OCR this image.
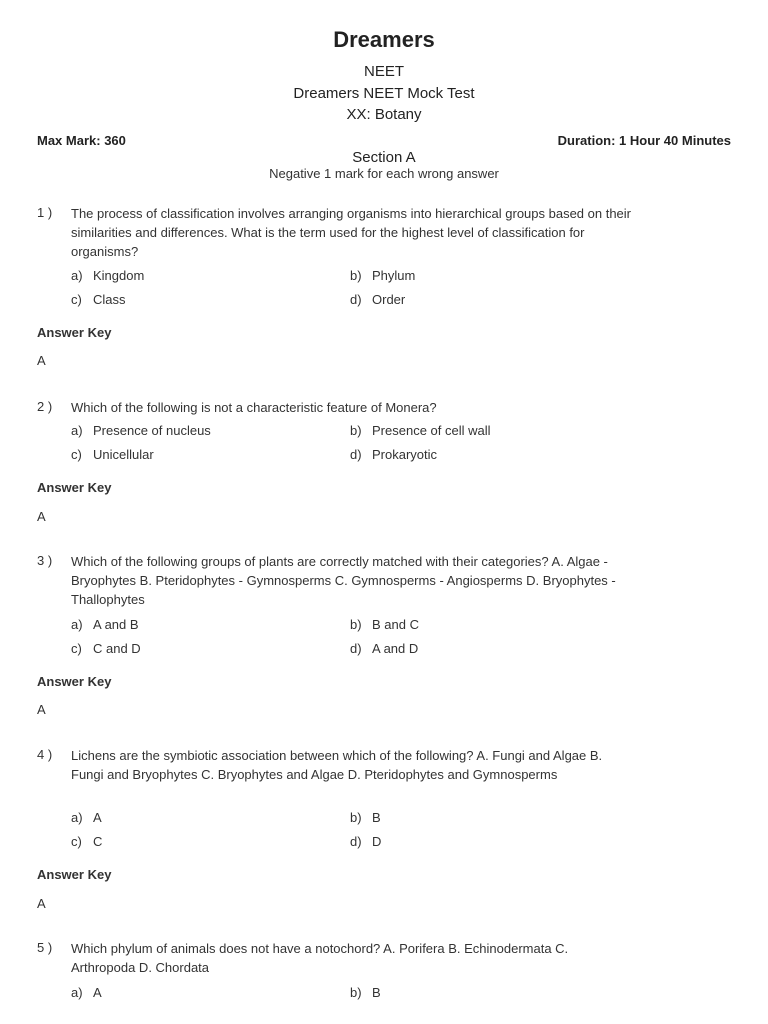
Dreamers
NEET
Dreamers NEET Mock Test
XX: Botany
Max Mark: 360	Duration: 1 Hour 40 Minutes
Section A
Negative 1 mark for each wrong answer
1 ) The process of classification involves arranging organisms into hierarchical groups based on their similarities and differences. What is the term used for the highest level of classification for organisms?
a) Kingdom	b) Phylum
c) Class	d) Order
Answer Key
A
2 ) Which of the following is not a characteristic feature of Monera?
a) Presence of nucleus	b) Presence of cell wall
c) Unicellular	d) Prokaryotic
Answer Key
A
3 ) Which of the following groups of plants are correctly matched with their categories? A. Algae - Bryophytes B. Pteridophytes - Gymnosperms C. Gymnosperms - Angiosperms D. Bryophytes - Thallophytes
a) A and B	b) B and C
c) C and D	d) A and D
Answer Key
A
4 ) Lichens are the symbiotic association between which of the following? A. Fungi and Algae B. Fungi and Bryophytes C. Bryophytes and Algae D. Pteridophytes and Gymnosperms
a) A	b) B
c) C	d) D
Answer Key
A
5 ) Which phylum of animals does not have a notochord? A. Porifera B. Echinodermata C. Arthropoda D. Chordata
a) A	b) B
